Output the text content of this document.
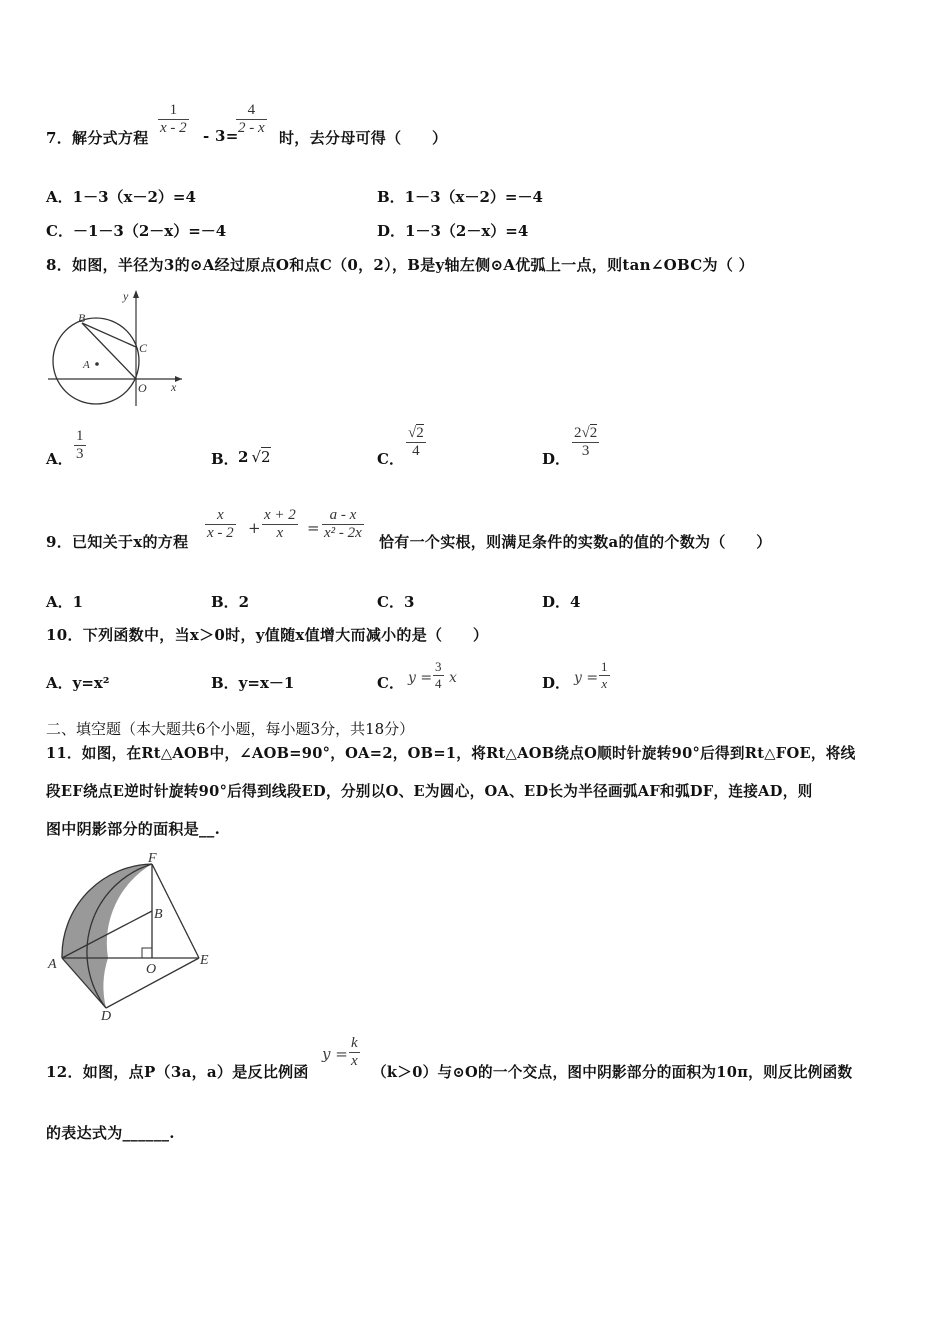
7．解分式方程
$\frac{1}{x - 2} - 3=$
$\frac{4}{2 - x}$
时，去分母可得（　　）
A．1－3（x－2）=4	B．1－3（x－2）=－4
C．－1－3（2－x）=－4	D．1－3（2－x）=4
8．如图，半径为3的⊙A经过原点O和点C（0，2），B是y轴左侧⊙A优弧上一点，则tan∠OBC为（ ）
y
x
B
C
A
O
A． $\frac{1}{3}$	B． 2 √2	C． $\frac{√2}{4}$	D． $\frac{2√2}{3}$
9．已知关于x的方程 $\frac{x}{x - 2} + \frac{x + 2}{x} = \frac{a - x}{\text{x² - 2x}}$ 恰有一个实根，则满足条件的实数a的值的个数为（　　）
A．1	B．2	C．3	D．4
10．下列函数中，当x＞0时，y值随x值增大而减小的是（　　）
A．y=x²	B．y=x－1	C． $y = \frac{3}{4}$ x	D． $y = \frac{1}{x}$
二、填空题（本大题共6个小题，每小题3分，共18分）
11．如图，在Rt△AOB中，∠AOB=90°，OA=2，OB=1，将Rt△AOB绕点O顺时针旋转90°后得到Rt△FOE，将线
段EF绕点E逆时针旋转90°后得到线段ED，分别以O、E为圆心，OA、ED长为半径画弧AF和弧DF，连接AD，则
图中阴影部分的面积是__.
F
B
A	O
E
D
12．如图，点P（3a，a）是反比例函
$y = \frac{k}{x}$
（k＞0）与⊙O的一个交点，图中阴影部分的面积为10π，则反比例函数
的表达式为______.
